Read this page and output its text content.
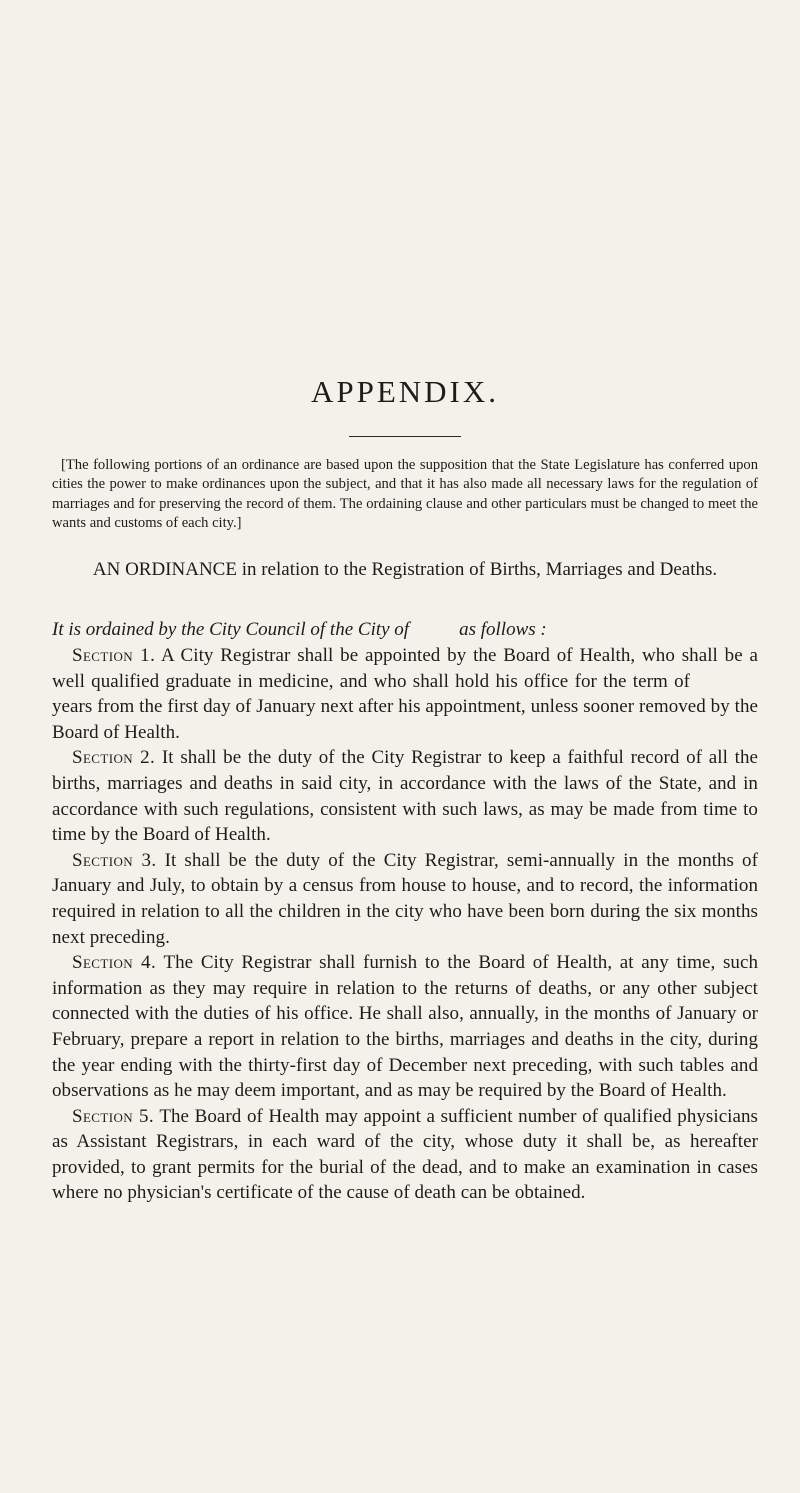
APPENDIX.

[The following portions of an ordinance are based upon the supposition that the State Legislature has conferred upon cities the power to make ordinances upon the subject, and that it has also made all necessary laws for the regulation of marriages and for preserving the record of them. The ordaining clause and other particulars must be changed to meet the wants and customs of each city.]

AN ORDINANCE in relation to the Registration of Births, Marriages and Deaths.

It is ordained by the City Council of the City of	as follows :

Section 1. A City Registrar shall be appointed by the Board of Health, who shall be a well qualified graduate in medicine, and who shall hold his office for the term ofyears from the first day of January next after his appointment, unless sooner removed by the Board of Health.

Section 2. It shall be the duty of the City Registrar to keep a faithful record of all the births, marriages and deaths in said city, in accordance with the laws of the State, and in accordance with such regulations, consistent with such laws, as may be made from time to time by the Board of Health.

Section 3. It shall be the duty of the City Registrar, semi-annually in the months of January and July, to obtain by a census from house to house, and to record, the information required in relation to all the children in the city who have been born during the six months next preceding.

Section 4. The City Registrar shall furnish to the Board of Health, at any time, such information as they may require in relation to the returns of deaths, or any other subject connected with the duties of his office. He shall also, annually, in the months of January or February, prepare a report in relation to the births, marriages and deaths in the city, during the year ending with the thirty-first day of December next preceding, with such tables and observations as he may deem important, and as may be required by the Board of Health.

Section 5. The Board of Health may appoint a sufficient number of qualified physicians as Assistant Registrars, in each ward of the city, whose duty it shall be, as hereafter provided, to grant permits for the burial of the dead, and to make an examination in cases where no physician's certificate of the cause of death can be obtained.
